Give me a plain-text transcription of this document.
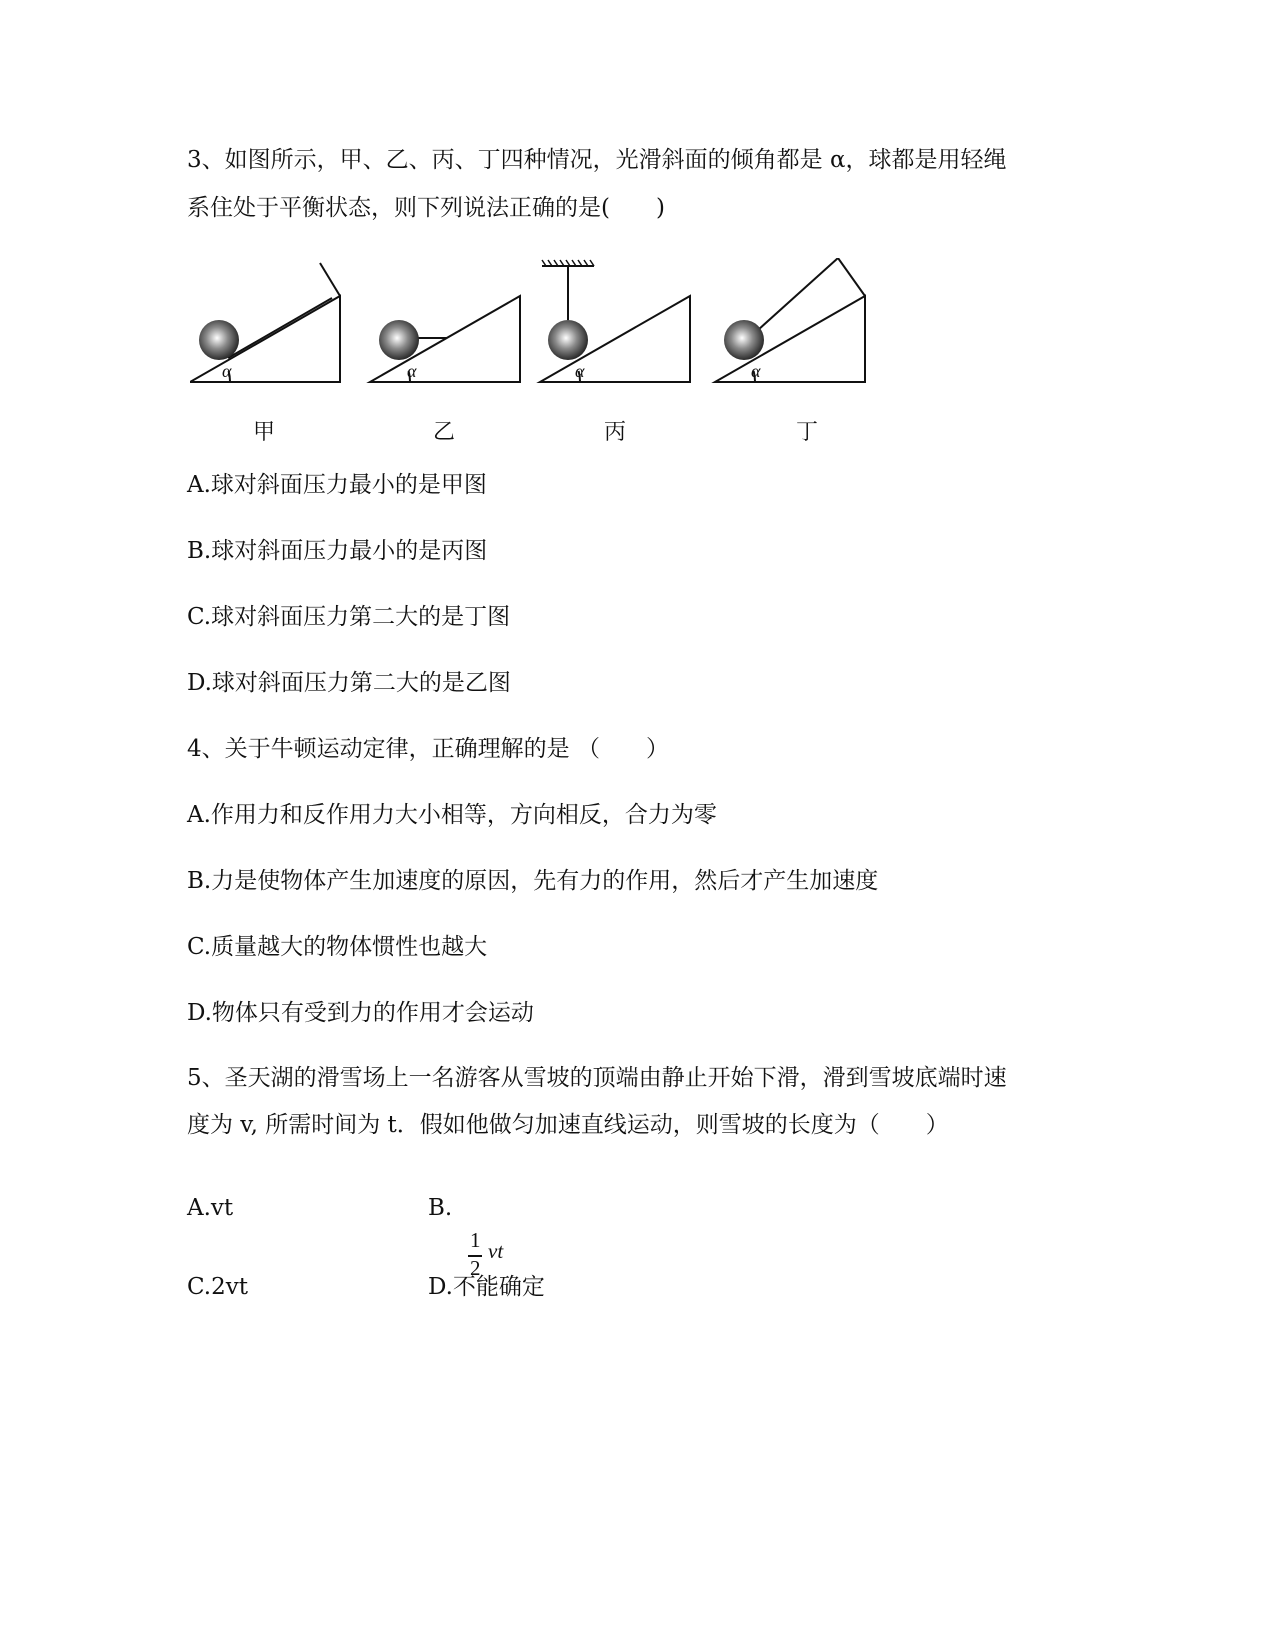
3、如图所示，甲、乙、丙、丁四种情况，光滑斜面的倾角都是 α，球都是用轻绳
系住处于平衡状态，则下列说法正确的是(　　)
α	α	α	α
甲	乙	丙	丁
A.球对斜面压力最小的是甲图
B.球对斜面压力最小的是丙图
C.球对斜面压力第二大的是丁图
D.球对斜面压力第二大的是乙图
4、关于牛顿运动定律，正确理解的是 （　　）
A.作用力和反作用力大小相等，方向相反，合力为零
B.力是使物体产生加速度的原因，先有力的作用，然后才产生加速度
C.质量越大的物体惯性也越大
D.物体只有受到力的作用才会运动
5、圣天湖的滑雪场上一名游客从雪坡的顶端由静止开始下滑，滑到雪坡底端时速
度为 v, 所需时间为 t．假如他做匀加速直线运动，则雪坡的长度为（　　）
A.vt	B.
1
2
vt
C.2vt	D.不能确定
